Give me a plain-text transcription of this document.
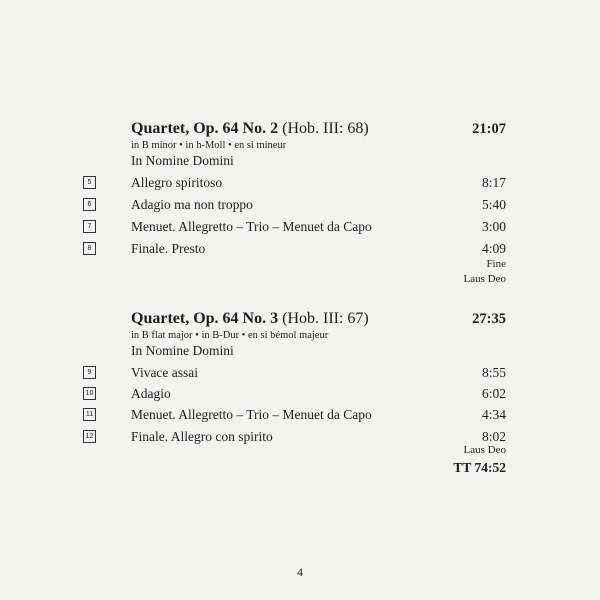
Quartet, Op. 64 No. 2 (Hob. III: 68)	21:07
in B minor • in h-Moll • en si mineur
In Nomine Domini
5	Allegro spiritoso	8:17
6	Adagio ma non troppo	5:40
7	Menuet. Allegretto – Trio – Menuet da Capo	3:00
8	Finale. Presto	4:09
Fine
Laus Deo
Quartet, Op. 64 No. 3 (Hob. III: 67)	27:35
in B flat major • in B-Dur • en si bémol majeur
In Nomine Domini
9	Vivace assai	8:55
10	Adagio	6:02
11	Menuet. Allegretto – Trio – Menuet da Capo	4:34
12	Finale. Allegro con spirito	8:02
Laus Deo
TT 74:52
4
